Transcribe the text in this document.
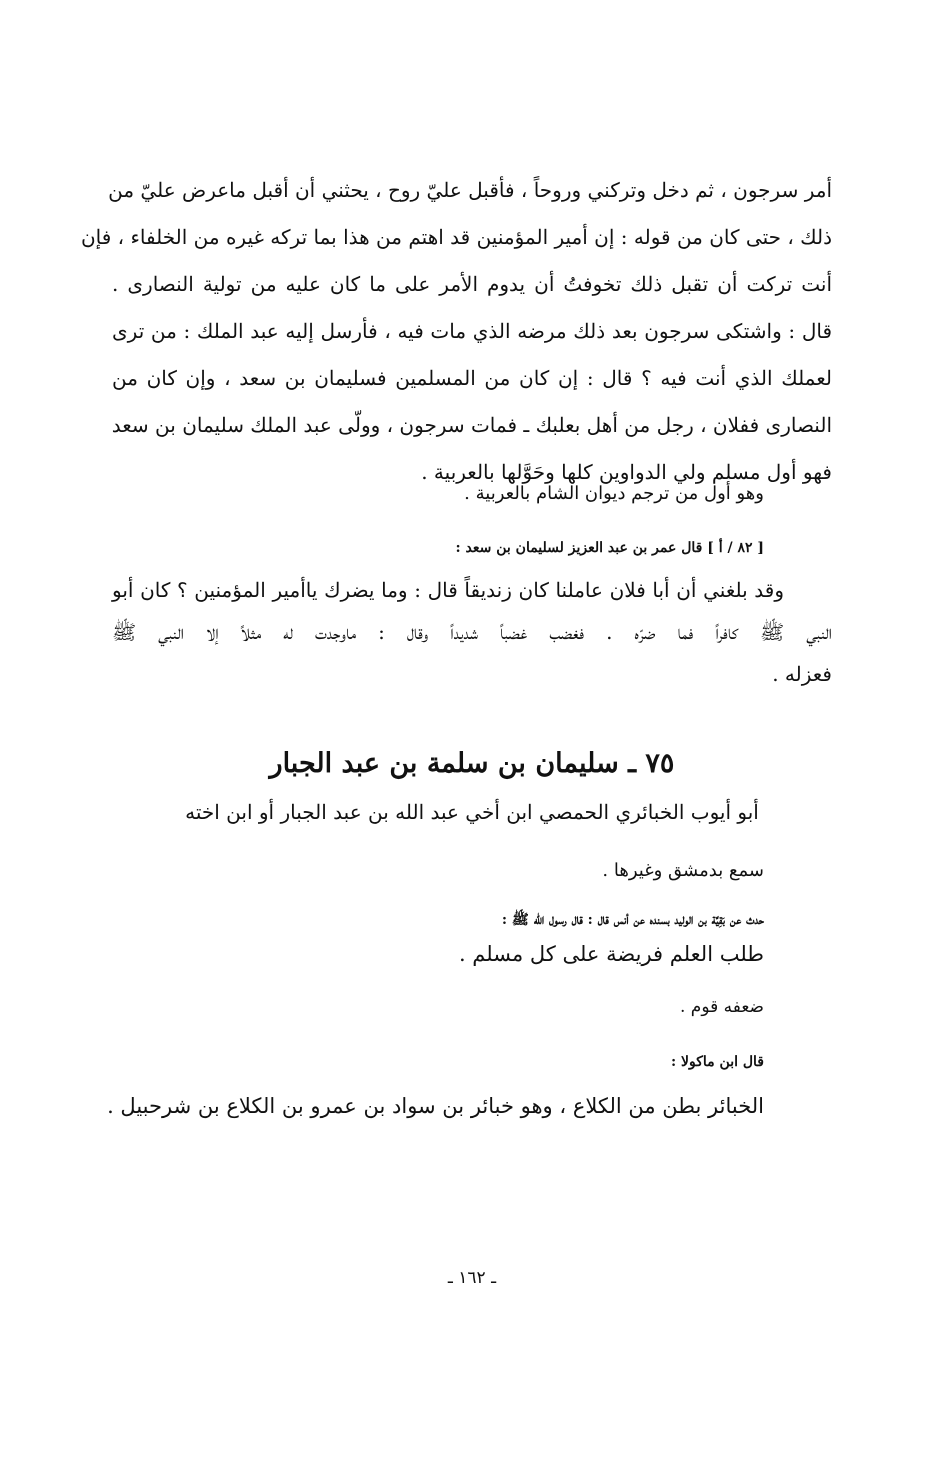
أمر سرجون ، ثم دخل وتركني وروحاً ، فأقبل عليّ روح ، يحثني أن أقبل ماعرض عليّ من
ذلك ، حتى كان من قوله : إن أمير المؤمنين قد اهتم من هذا بما تركه غيره من الخلفاء ، فإن
أنت تركت أن تقبل ذلك تخوفتُ أن يدوم الأمر على ما كان عليه من تولية النصارى .
قال : واشتكى سرجون بعد ذلك مرضه الذي مات فيه ، فأرسل إليه عبد الملك : من ترى
لعملك الذي أنت فيه ؟ قال : إن كان من المسلمين فسليمان بن سعد ، وإن كان من
النصارى ففلان ، رجل من أهل بعلبك ـ فمات سرجون ، وولّى عبد الملك سليمان بن سعد
فهو أول مسلم ولي الدواوين كلها وحَوَّلها بالعربية .
وهو أول من ترجم ديوان الشام بالعربية .
[ ٨٢ / أ ] قال عمر بن عبد العزيز لسليمان بن سعد :
وقد بلغني أن أبا فلان عاملنا كان زنديقاً قال : وما يضرك ياأمير المؤمنين ؟ كان أبو
النبي ﷺ كافراً فما ضرّه . فغضب غضباً شديداً وقال : ماوجدت له مثلاً إلا النبي ﷺ
فعزله .
٧٥ ـ سليمان بن سلمة بن عبد الجبار
أبو أيوب الخبائري الحمصي ابن أخي عبد الله بن عبد الجبار أو ابن اخته
سمع بدمشق وغيرها .
حدث عن بَقِيَّة بن الوليد بسنده عن أنس قال : قال رسول الله ﷺ :
طلب العلم فريضة على كل مسلم .
ضعفه قوم .
قال ابن ماكولا :
الخبائر بطن من الكلاع ، وهو خبائر بن سواد بن عمرو بن الكلاع بن شرحبيل .
ـ ١٦٢ ـ
